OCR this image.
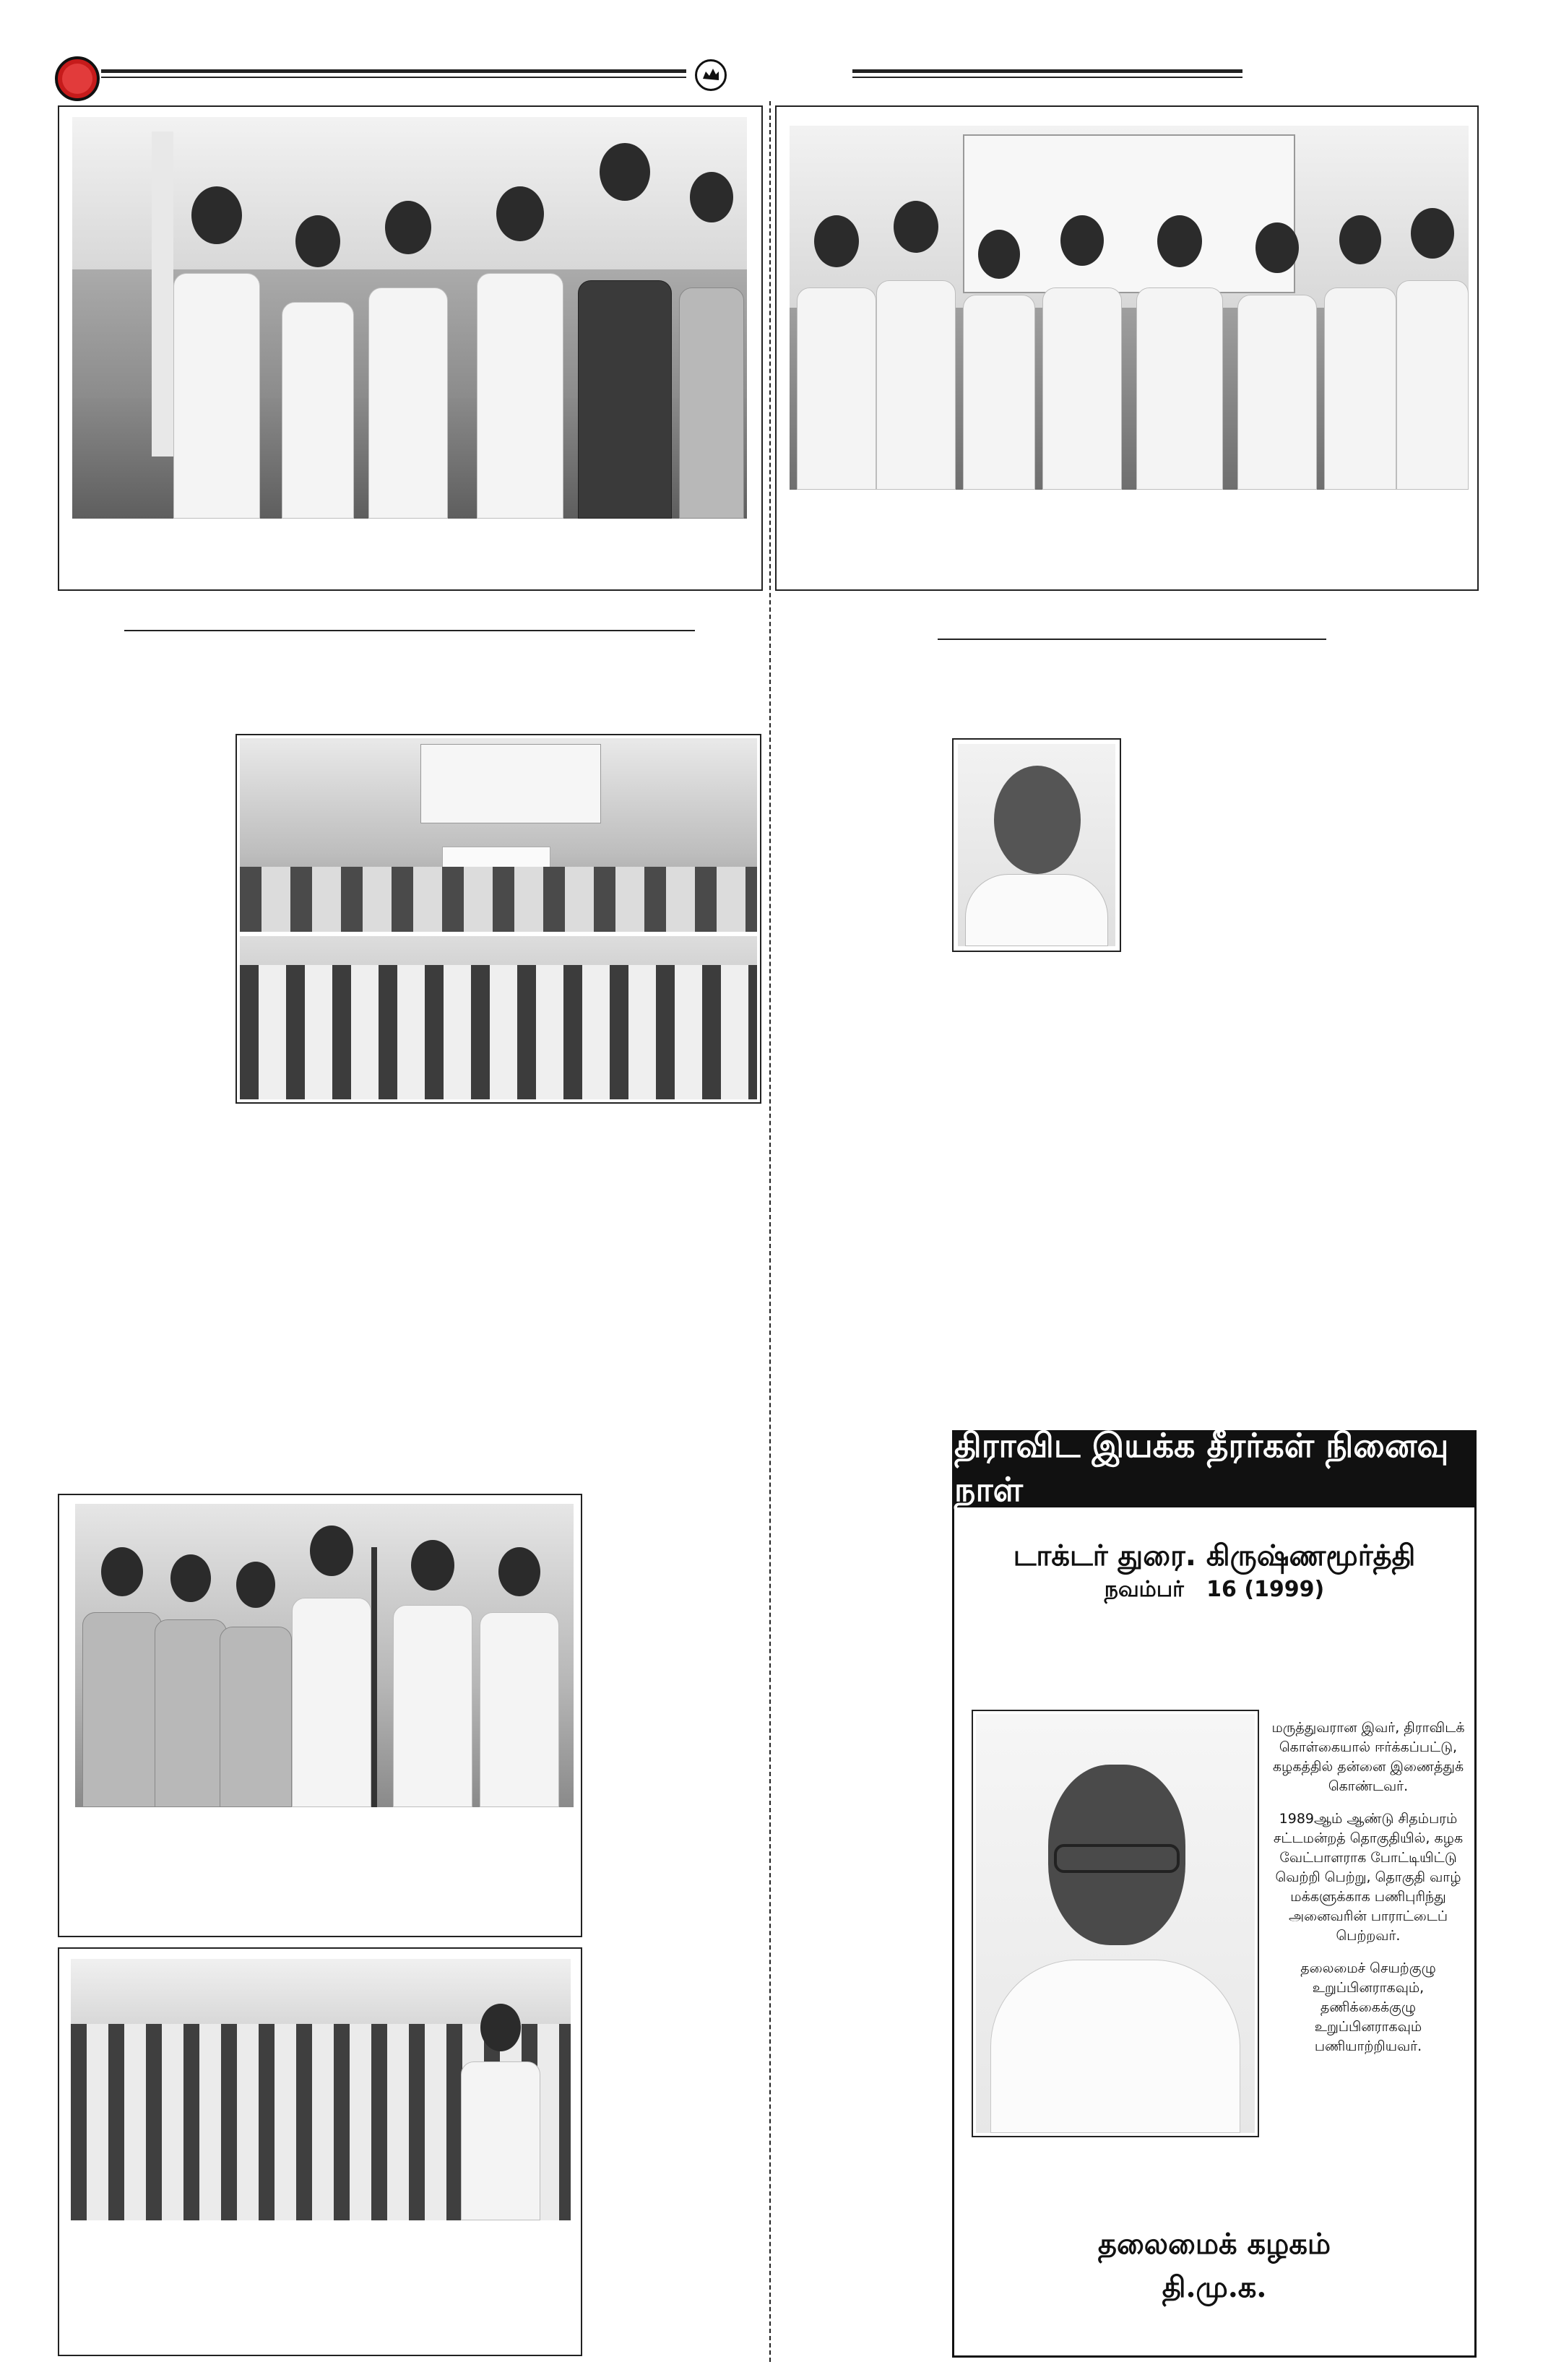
திராவிட இயக்க தீரர்கள் நினைவு நாள்
டாக்டர் துரை. கிருஷ்ணமூர்த்தி
நவம்பர்   16 (1999)

மருத்துவரான இவர், திராவிடக் கொள்கையால் ஈர்க்கப்பட்டு, கழகத்தில் தன்னை இணைத்துக் கொண்டவர்.

1989ஆம் ஆண்டு சிதம்பரம் சட்டமன்றத் தொகுதியில், கழக வேட்பாளராக போட்டியிட்டு வெற்றி பெற்று, தொகுதி வாழ் மக்களுக்காக பணிபுரிந்து அனைவரின் பாராட்டைப் பெற்றவர்.

தலைமைச் செயற்குழு உறுப்பினராகவும், தணிக்கைக்குழு உறுப்பினராகவும் பணியாற்றியவர்.

தலைமைக் கழகம்
தி.மு.க.
